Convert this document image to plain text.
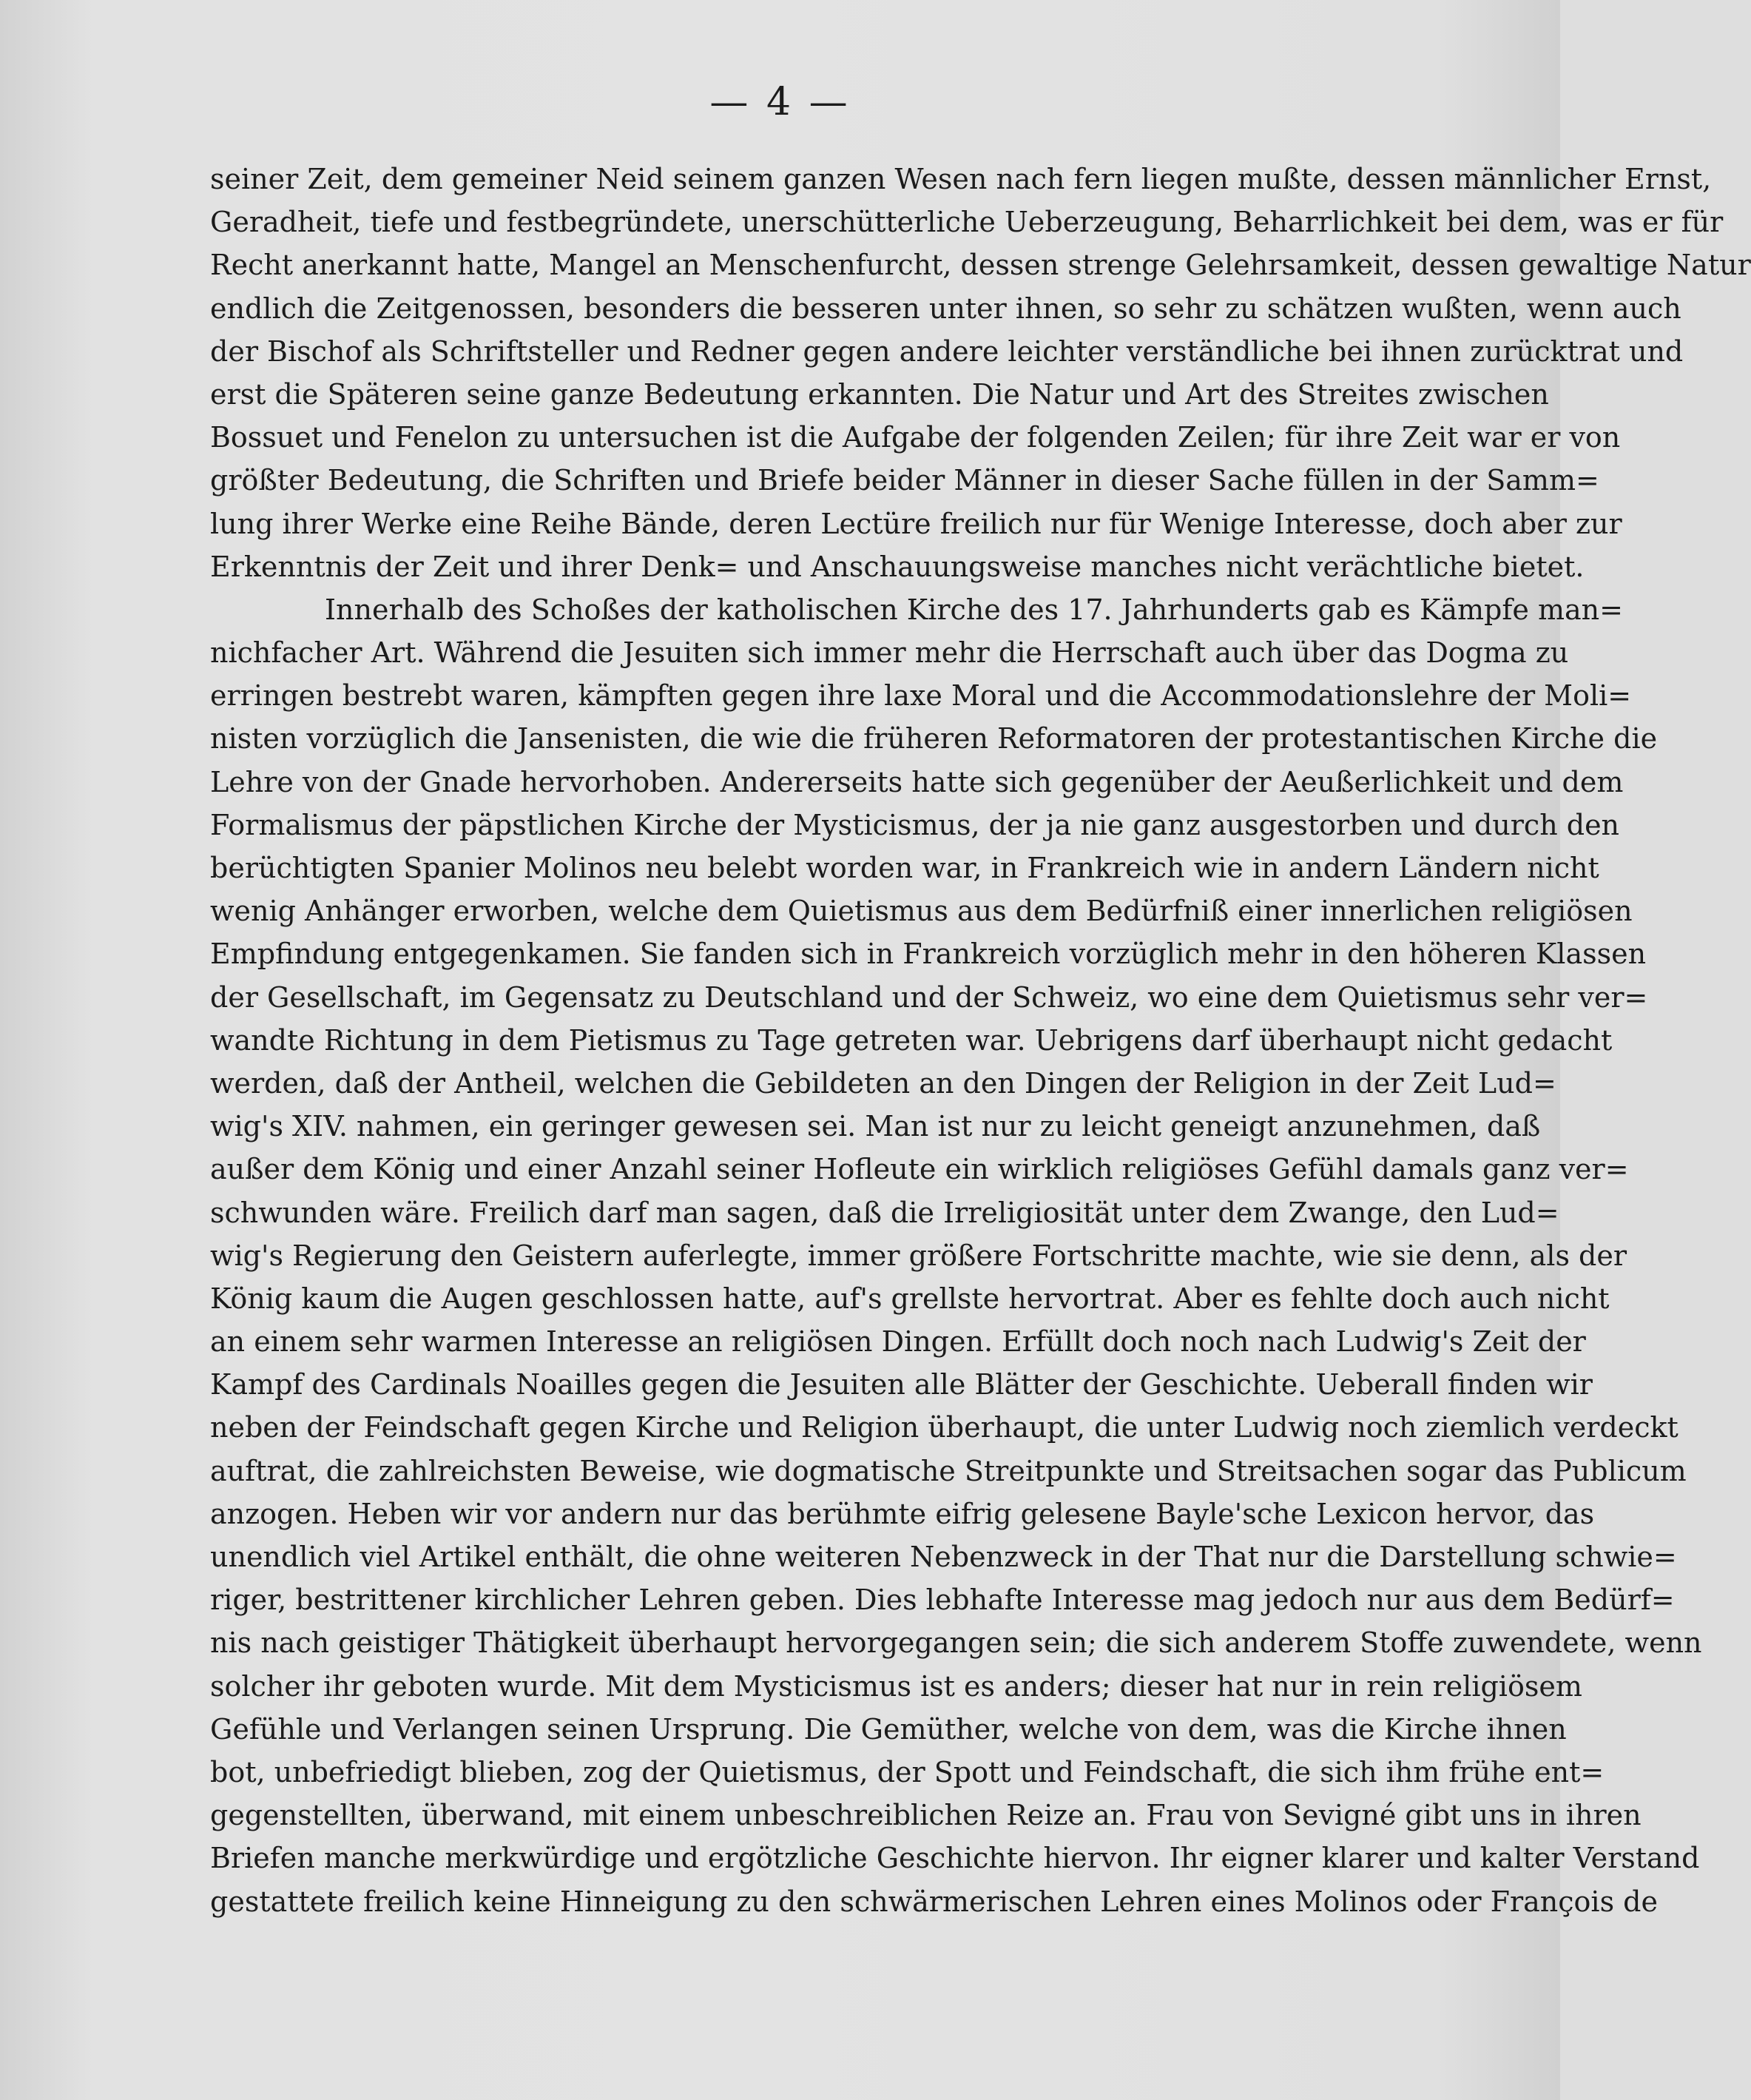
— 4 —
seiner Zeit, dem gemeiner Neid seinem ganzen Wesen nach fern liegen mußte, dessen männlicher Ernst,
Geradheit, tiefe und festbegründete, unerschütterliche Ueberzeugung, Beharrlichkeit bei dem, was er für
Recht anerkannt hatte, Mangel an Menschenfurcht, dessen strenge Gelehrsamkeit, dessen gewaltige Natur
endlich die Zeitgenossen, besonders die besseren unter ihnen, so sehr zu schätzen wußten, wenn auch
der Bischof als Schriftsteller und Redner gegen andere leichter verständliche bei ihnen zurücktrat und
erst die Späteren seine ganze Bedeutung erkannten. Die Natur und Art des Streites zwischen
Bossuet und Fenelon zu untersuchen ist die Aufgabe der folgenden Zeilen; für ihre Zeit war er von
größter Bedeutung, die Schriften und Briefe beider Männer in dieser Sache füllen in der Samm=
lung ihrer Werke eine Reihe Bände, deren Lectüre freilich nur für Wenige Interesse, doch aber zur
Erkenntnis der Zeit und ihrer Denk= und Anschauungsweise manches nicht verächtliche bietet.
Innerhalb des Schoßes der katholischen Kirche des 17. Jahrhunderts gab es Kämpfe man=
nichfacher Art. Während die Jesuiten sich immer mehr die Herrschaft auch über das Dogma zu
erringen bestrebt waren, kämpften gegen ihre laxe Moral und die Accommodationslehre der Moli=
nisten vorzüglich die Jansenisten, die wie die früheren Reformatoren der protestantischen Kirche die
Lehre von der Gnade hervorhoben. Andererseits hatte sich gegenüber der Aeußerlichkeit und dem
Formalismus der päpstlichen Kirche der Mysticismus, der ja nie ganz ausgestorben und durch den
berüchtigten Spanier Molinos neu belebt worden war, in Frankreich wie in andern Ländern nicht
wenig Anhänger erworben, welche dem Quietismus aus dem Bedürfniß einer innerlichen religiösen
Empfindung entgegenkamen. Sie fanden sich in Frankreich vorzüglich mehr in den höheren Klassen
der Gesellschaft, im Gegensatz zu Deutschland und der Schweiz, wo eine dem Quietismus sehr ver=
wandte Richtung in dem Pietismus zu Tage getreten war. Uebrigens darf überhaupt nicht gedacht
werden, daß der Antheil, welchen die Gebildeten an den Dingen der Religion in der Zeit Lud=
wig's XIV. nahmen, ein geringer gewesen sei. Man ist nur zu leicht geneigt anzunehmen, daß
außer dem König und einer Anzahl seiner Hofleute ein wirklich religiöses Gefühl damals ganz ver=
schwunden wäre. Freilich darf man sagen, daß die Irreligiosität unter dem Zwange, den Lud=
wig's Regierung den Geistern auferlegte, immer größere Fortschritte machte, wie sie denn, als der
König kaum die Augen geschlossen hatte, auf's grellste hervortrat. Aber es fehlte doch auch nicht
an einem sehr warmen Interesse an religiösen Dingen. Erfüllt doch noch nach Ludwig's Zeit der
Kampf des Cardinals Noailles gegen die Jesuiten alle Blätter der Geschichte. Ueberall finden wir
neben der Feindschaft gegen Kirche und Religion überhaupt, die unter Ludwig noch ziemlich verdeckt
auftrat, die zahlreichsten Beweise, wie dogmatische Streitpunkte und Streitsachen sogar das Publicum
anzogen. Heben wir vor andern nur das berühmte eifrig gelesene Bayle'sche Lexicon hervor, das
unendlich viel Artikel enthält, die ohne weiteren Nebenzweck in der That nur die Darstellung schwie=
riger, bestrittener kirchlicher Lehren geben. Dies lebhafte Interesse mag jedoch nur aus dem Bedürf=
nis nach geistiger Thätigkeit überhaupt hervorgegangen sein; die sich anderem Stoffe zuwendete, wenn
solcher ihr geboten wurde. Mit dem Mysticismus ist es anders; dieser hat nur in rein religiösem
Gefühle und Verlangen seinen Ursprung. Die Gemüther, welche von dem, was die Kirche ihnen
bot, unbefriedigt blieben, zog der Quietismus, der Spott und Feindschaft, die sich ihm frühe ent=
gegenstellten, überwand, mit einem unbeschreiblichen Reize an. Frau von Sevigné gibt uns in ihren
Briefen manche merkwürdige und ergötzliche Geschichte hiervon. Ihr eigner klarer und kalter Verstand
gestattete freilich keine Hinneigung zu den schwärmerischen Lehren eines Molinos oder François de
